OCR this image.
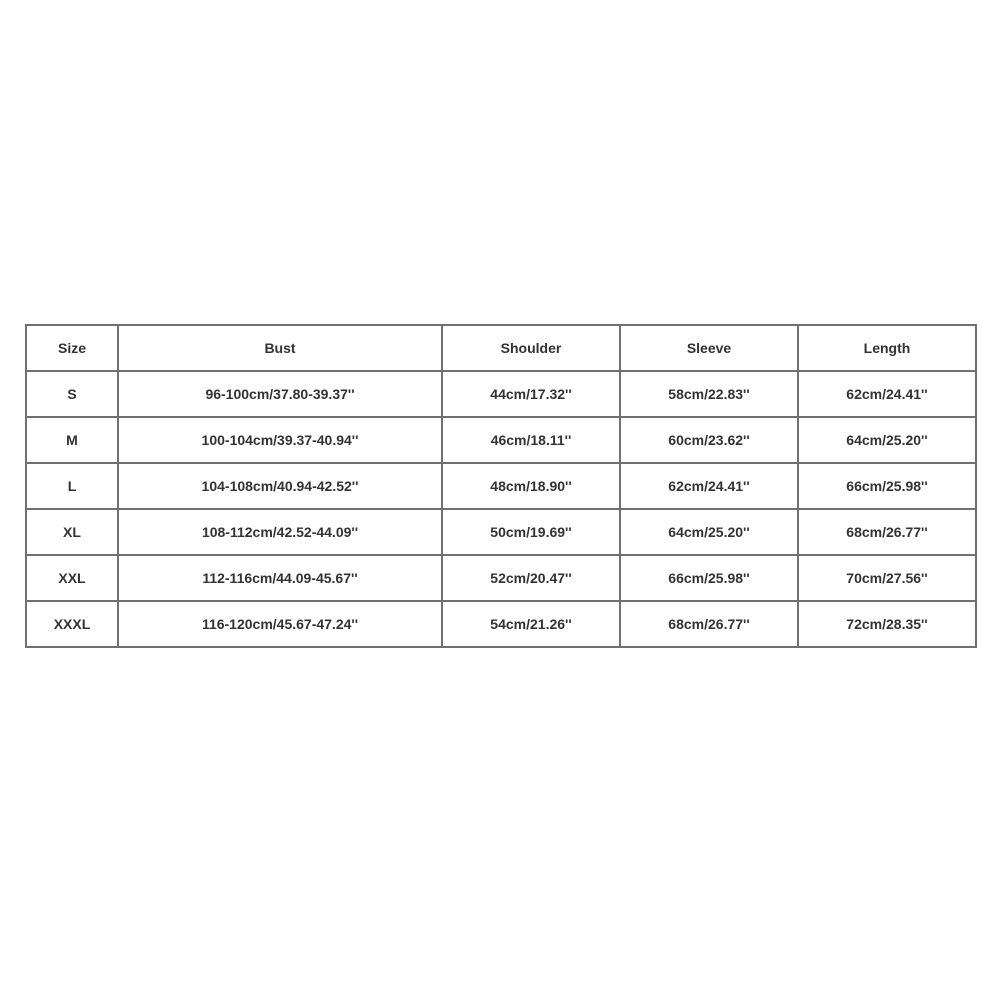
Size	Bust	Shoulder	Sleeve	Length
S	96-100cm/37.80-39.37''	44cm/17.32''	58cm/22.83''	62cm/24.41''
M	100-104cm/39.37-40.94''	46cm/18.11''	60cm/23.62''	64cm/25.20''
L	104-108cm/40.94-42.52''	48cm/18.90''	62cm/24.41''	66cm/25.98''
XL	108-112cm/42.52-44.09''	50cm/19.69''	64cm/25.20''	68cm/26.77''
XXL	112-116cm/44.09-45.67''	52cm/20.47''	66cm/25.98''	70cm/27.56''
XXXL	116-120cm/45.67-47.24''	54cm/21.26''	68cm/26.77''	72cm/28.35''
